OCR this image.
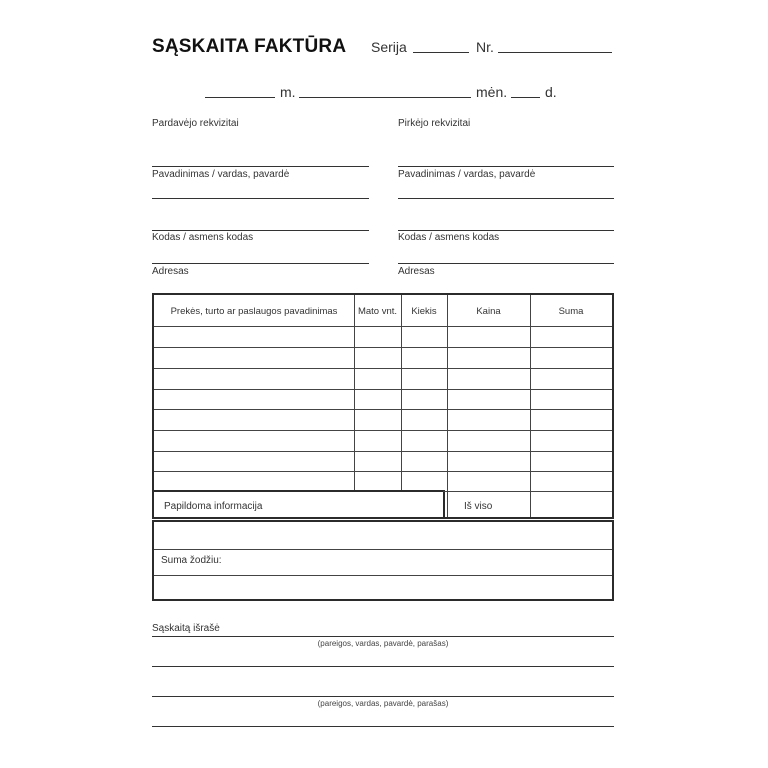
SĄSKAITA FAKTŪRA Serija	Nr.
m.	mėn.	d.
Pardavėjo rekvizitai
Pavadinimas / vardas, pavardė
Kodas / asmens kodas
Adresas
Pirkėjo rekvizitai
Pavadinimas / vardas, pavardė
Kodas / asmens kodas
Adresas
Prekės, turto ar paslaugos pavadinimas	Mato vnt.	Kiekis	Kaina	Suma
Papildoma informacija	Iš viso
Suma žodžiu:
Sąskaitą išrašė
(pareigos, vardas, pavardė, parašas)
(pareigos, vardas, pavardė, parašas)
